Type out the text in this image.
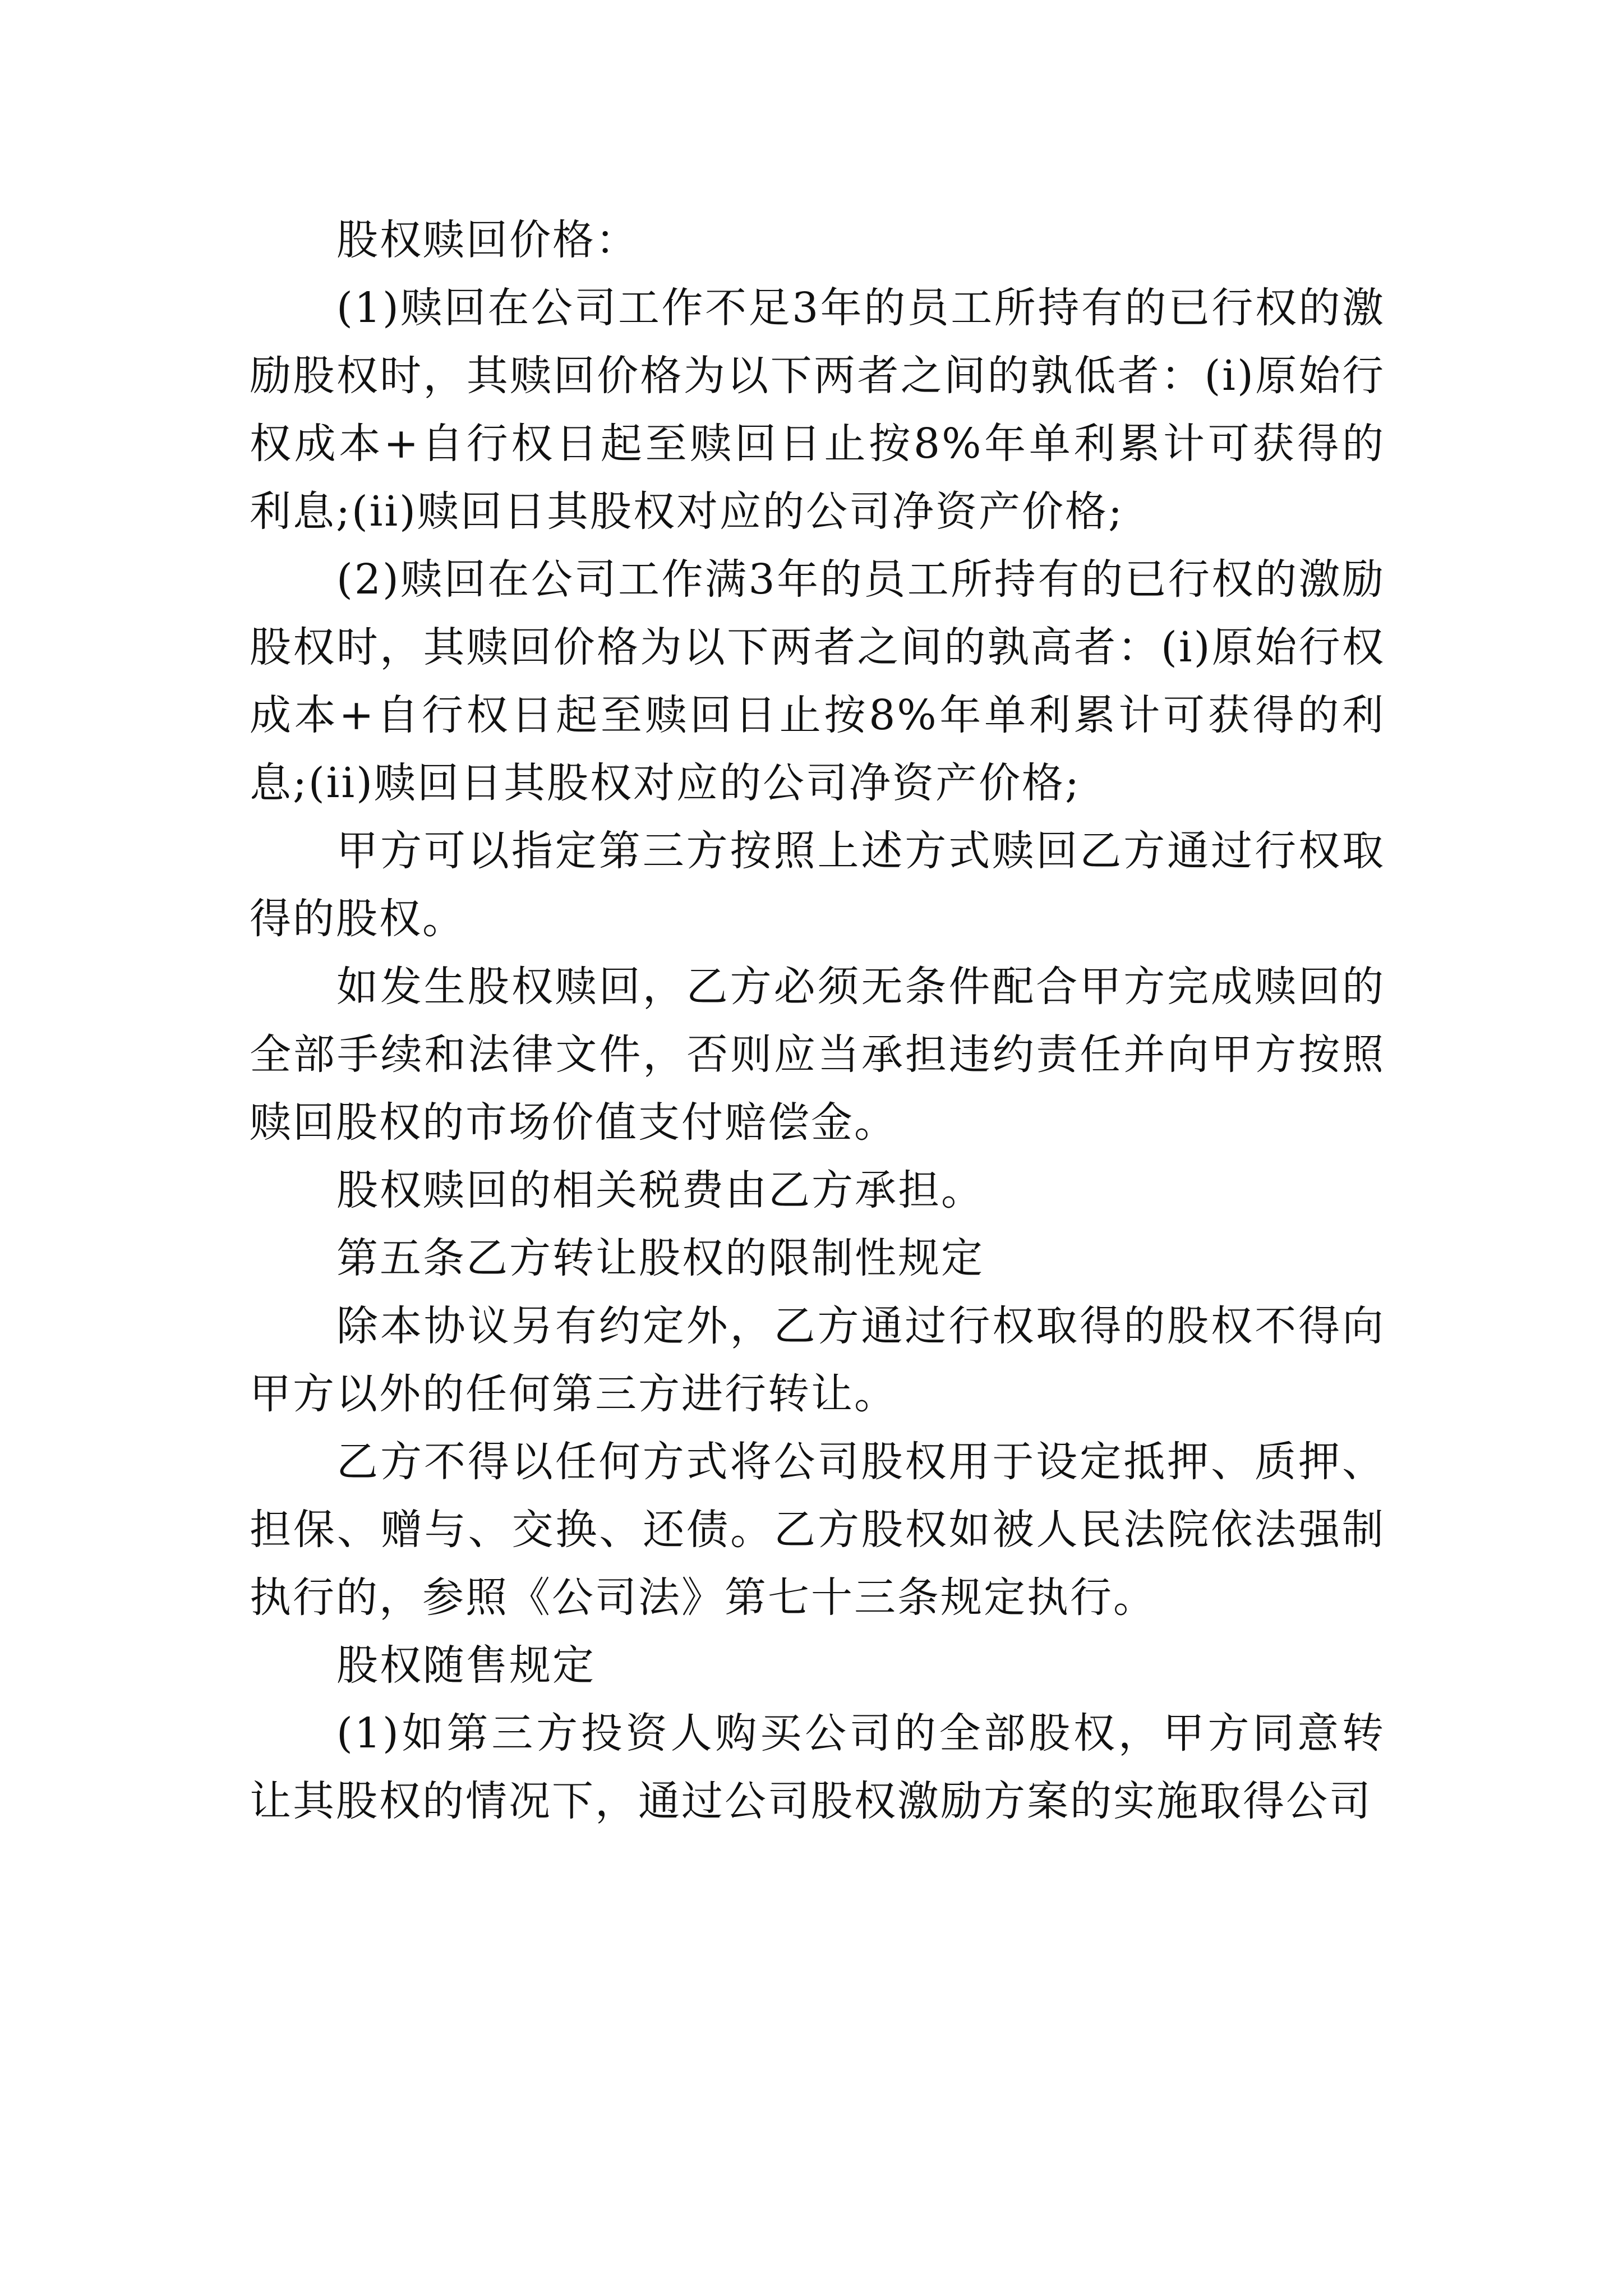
股权赎回价格：

(1)赎回在公司工作不足3年的员工所持有的已行权的激励股权时，其赎回价格为以下两者之间的孰低者：(i)原始行权成本+自行权日起至赎回日止按8%年单利累计可获得的利息;(ii)赎回日其股权对应的公司净资产价格;

(2)赎回在公司工作满3年的员工所持有的已行权的激励股权时，其赎回价格为以下两者之间的孰高者：(i)原始行权成本+自行权日起至赎回日止按8%年单利累计可获得的利息;(ii)赎回日其股权对应的公司净资产价格;

甲方可以指定第三方按照上述方式赎回乙方通过行权取得的股权。

如发生股权赎回，乙方必须无条件配合甲方完成赎回的全部手续和法律文件，否则应当承担违约责任并向甲方按照赎回股权的市场价值支付赔偿金。

股权赎回的相关税费由乙方承担。

第五条乙方转让股权的限制性规定

除本协议另有约定外，乙方通过行权取得的股权不得向甲方以外的任何第三方进行转让。

乙方不得以任何方式将公司股权用于设定抵押、质押、担保、赠与、交换、还债。乙方股权如被人民法院依法强制执行的，参照《公司法》第七十三条规定执行。

股权随售规定

(1)如第三方投资人购买公司的全部股权，甲方同意转让其股权的情况下，通过公司股权激励方案的实施取得公司
